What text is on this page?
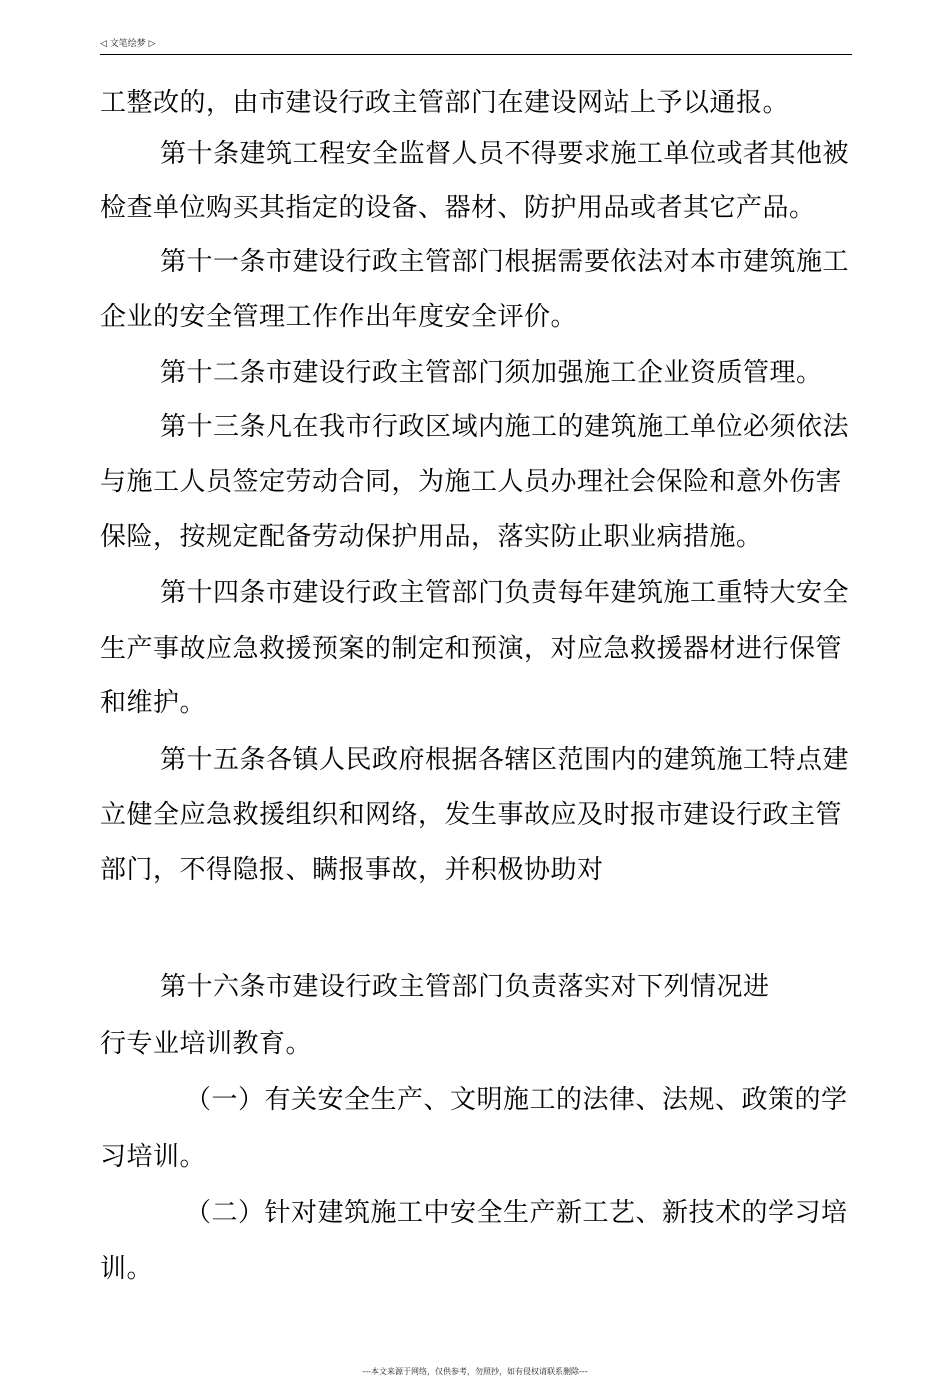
◁ 文笔绘梦 ▷
工整改的，由市建设行政主管部门在建设网站上予以通报。
第十条建筑工程安全监督人员不得要求施工单位或者其他被
检查单位购买其指定的设备、器材、防护用品或者其它产品。
第十一条市建设行政主管部门根据需要依法对本市建筑施工
企业的安全管理工作作出年度安全评价。
第十二条市建设行政主管部门须加强施工企业资质管理。
第十三条凡在我市行政区域内施工的建筑施工单位必须依法
与施工人员签定劳动合同，为施工人员办理社会保险和意外伤害
保险，按规定配备劳动保护用品，落实防止职业病措施。
第十四条市建设行政主管部门负责每年建筑施工重特大安全
生产事故应急救援预案的制定和预演，对应急救援器材进行保管
和维护。
第十五条各镇人民政府根据各辖区范围内的建筑施工特点建
立健全应急救援组织和网络，发生事故应及时报市建设行政主管
部门，不得隐报、瞒报事故，并积极协助对
第十六条市建设行政主管部门负责落实对下列情况进
行专业培训教育。
（一）有关安全生产、文明施工的法律、法规、政策的学
习培训。
（二）针对建筑施工中安全生产新工艺、新技术的学习培
训。
---本文来源于网络，仅供参考，勿照抄，如有侵权请联系删除---
